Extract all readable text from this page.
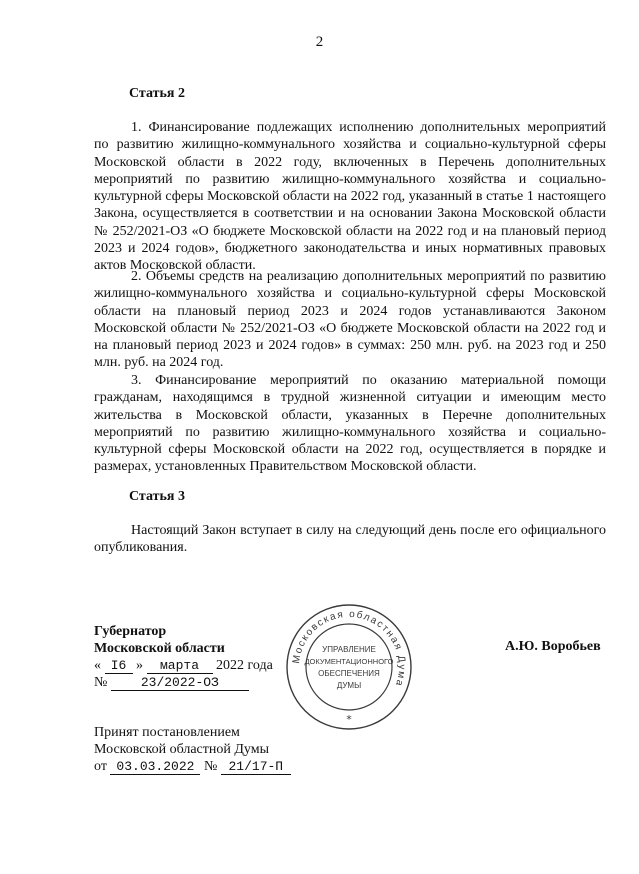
2
Статья 2

1. Финансирование подлежащих исполнению дополнительных мероприятий по развитию жилищно-коммунального хозяйства и социально-культурной сферы Московской области в 2022 году, включенных в Перечень дополнительных мероприятий по развитию жилищно-коммунального хозяйства и социально-культурной сферы Московской области на 2022 год, указанный в статье 1 настоящего Закона, осуществляется в соответствии и на основании Закона Московской области № 252/2021-ОЗ «О бюджете Московской области на 2022 год и на плановый период 2023 и 2024 годов», бюджетного законодательства и иных нормативных правовых актов Московской области.

2. Объемы средств на реализацию дополнительных мероприятий по развитию жилищно-коммунального хозяйства и социально-культурной сферы Московской области на плановый период 2023 и 2024 годов устанавливаются Законом Московской области № 252/2021-ОЗ «О бюджете Московской области на 2022 год и на плановый период 2023 и 2024 годов» в суммах: 250 млн. руб. на 2023 год и 250 млн. руб. на 2024 год.

3. Финансирование мероприятий по оказанию материальной помощи гражданам, находящимся в трудной жизненной ситуации и имеющим место жительства в Московской области, указанных в Перечне дополнительных мероприятий по развитию жилищно-коммунального хозяйства и социально-культурной сферы Московской области на 2022 год, осуществляется в порядке и размерах, установленных Правительством Московской области.

Статья 3

Настоящий Закон вступает в силу на следующий день после его официального опубликования.

Губернатор
Московской области
« I6 » марта 2022 года
№	23/2022-ОЗ
А.Ю. Воробьев
Московская областная Дума
УПРАВЛЕНИЕ
ДОКУМЕНТАЦИОННОГО
ОБЕСПЕЧЕНИЯ
ДУМЫ
*
Принят постановлением
Московской областной Думы
от 03.03.2022 № 21/17-П
